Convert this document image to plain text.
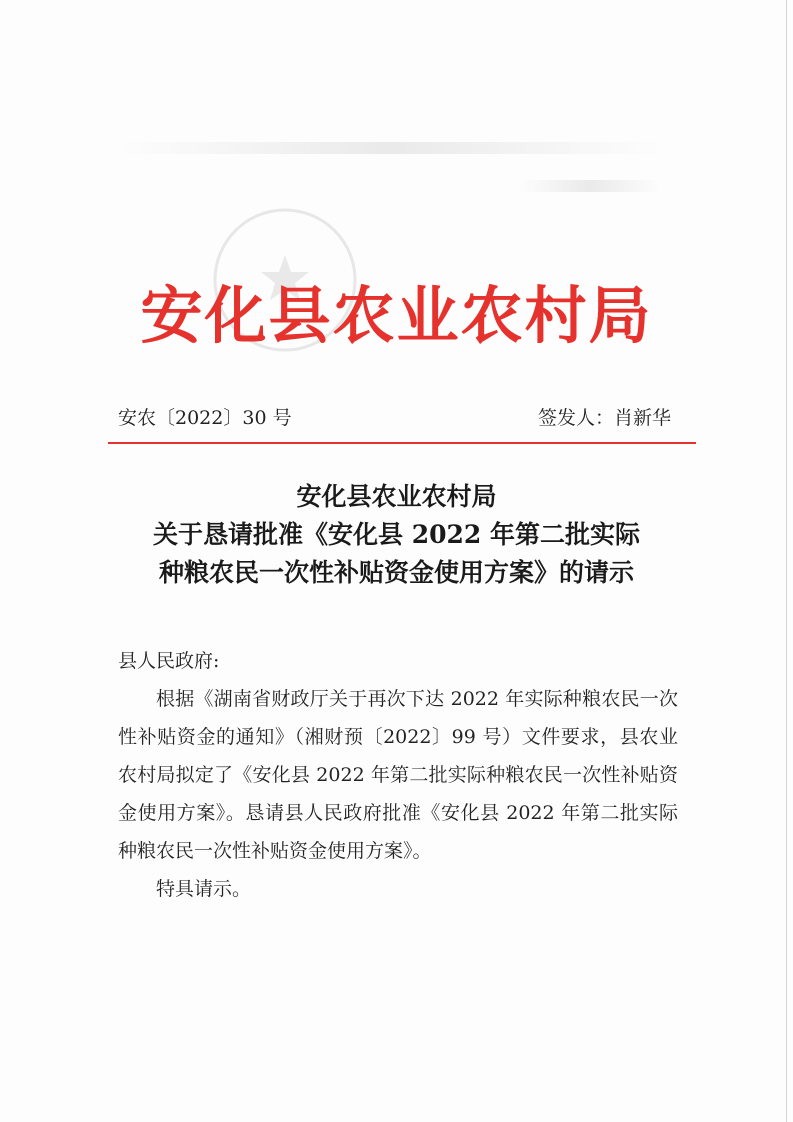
安化县农业农村局
安农〔2022〕30 号	签发人：肖新华
安化县农业农村局
关于恳请批准《安化县 2022 年第二批实际
种粮农民一次性补贴资金使用方案》的请示
县人民政府:

根据《湖南省财政厅关于再次下达 2022 年实际种粮农民一次性补贴资金的通知》（湘财预〔2022〕99 号）文件要求，县农业农村局拟定了《安化县 2022 年第二批实际种粮农民一次性补贴资金使用方案》。恳请县人民政府批准《安化县 2022 年第二批实际种粮农民一次性补贴资金使用方案》。

特具请示。
